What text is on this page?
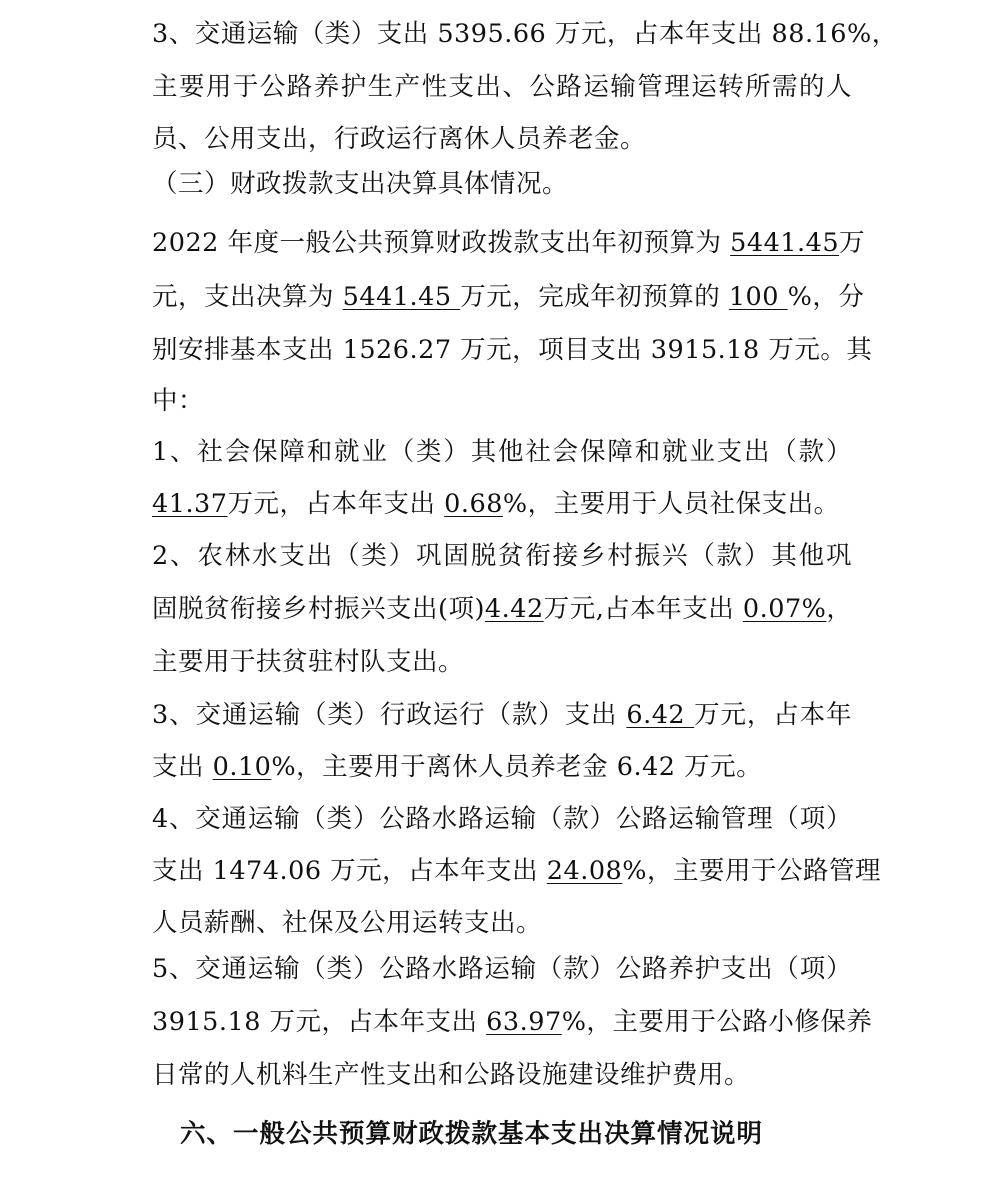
3、交通运输（类）支出 5395.66 万元，占本年支出 88.16%，
主要用于公路养护生产性支出、公路运输管理运转所需的人
员、公用支出，行政运行离休人员养老金。
（三）财政拨款支出决算具体情况。
2022 年度一般公共预算财政拨款支出年初预算为 5441.45万
元，支出决算为 5441.45 万元，完成年初预算的 100 %，分
别安排基本支出 1526.27 万元，项目支出 3915.18 万元。其
中：
1、社会保障和就业（类）其他社会保障和就业支出（款）
41.37万元，占本年支出 0.68%，主要用于人员社保支出。
2、农林水支出（类）巩固脱贫衔接乡村振兴（款）其他巩
固脱贫衔接乡村振兴支出(项)4.42万元,占本年支出 0.07%，
主要用于扶贫驻村队支出。
3、交通运输（类）行政运行（款）支出 6.42 万元，占本年
支出 0.10%，主要用于离休人员养老金 6.42 万元。
4、交通运输（类）公路水路运输（款）公路运输管理（项）
支出 1474.06 万元，占本年支出 24.08%，主要用于公路管理
人员薪酬、社保及公用运转支出。
5、交通运输（类）公路水路运输（款）公路养护支出（项）
3915.18 万元，占本年支出 63.97%，主要用于公路小修保养
日常的人机料生产性支出和公路设施建设维护费用。
六、一般公共预算财政拨款基本支出决算情况说明
